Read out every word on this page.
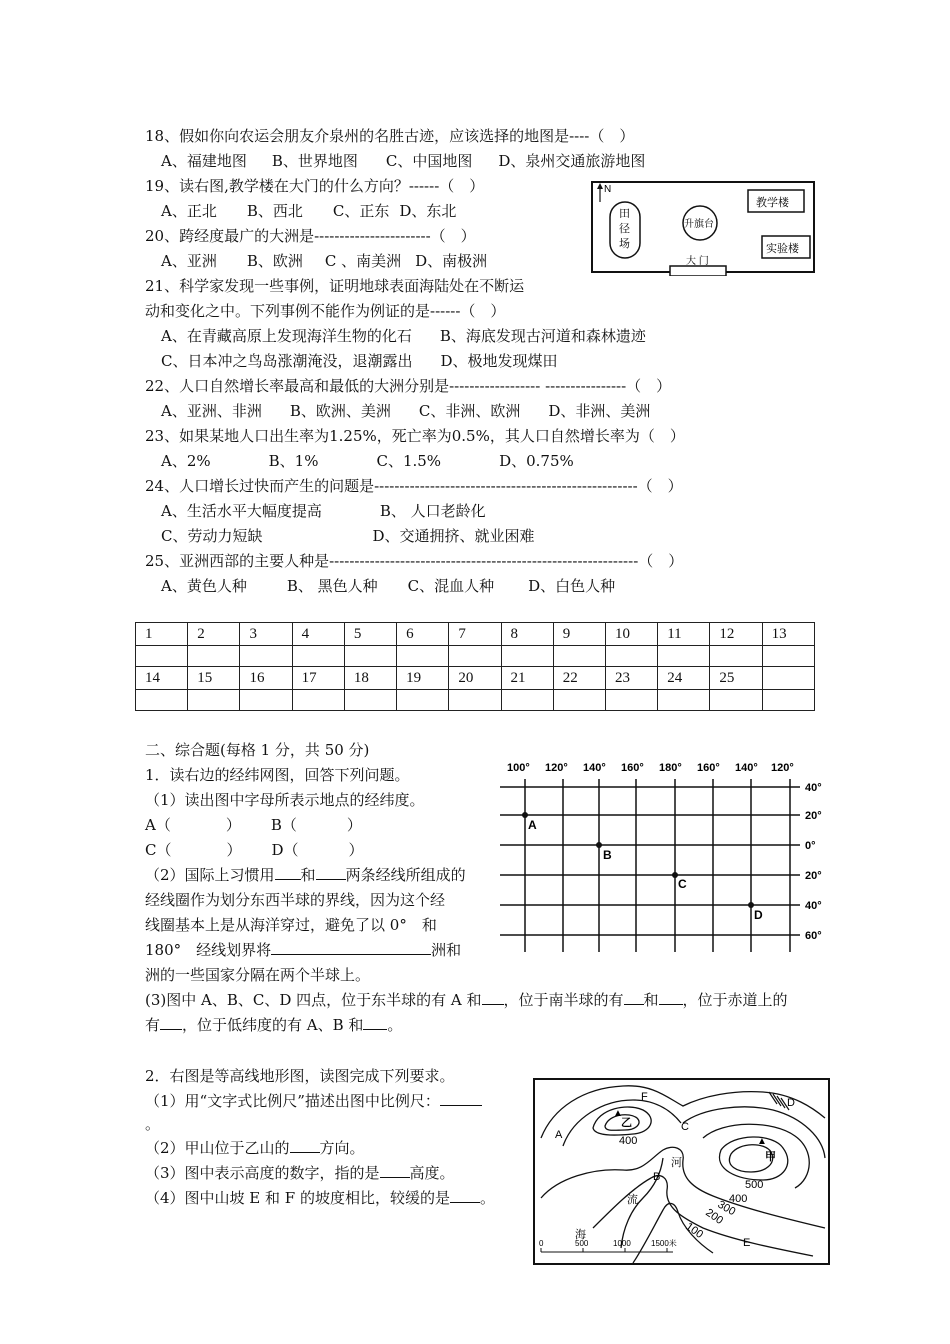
18、假如你向农运会朋友介泉州的名胜古迹，应该选择的地图是----（　）
A、福建地图 B、世界地图 C、中国地图 D、泉州交通旅游地图
19、读右图,教学楼在大门的什么方向？------（　）
A、正北 B、西北 C、正东 D、东北
20、跨经度最广的大洲是-----------------------（　）
A、亚洲 B、欧洲 C 、南美洲 D、南极洲
21、科学家发现一些事例，证明地球表面海陆处在不断运
动和变化之中。下列事例不能作为例证的是------（　）
A、在青藏高原上发现海洋生物的化石 B、海底发现古河道和森林遗迹
C、日本冲之鸟岛涨潮淹没，退潮露出 D、极地发现煤田
22、人口自然增长率最高和最低的大洲分别是------------------ ----------------（　）
A、亚洲、非洲 B、欧洲、美洲 C、非洲、欧洲 D、非洲、美洲
23、如果某地人口出生率为1.25%，死亡率为0.5%，其人口自然增长率为（　）
A、2%	B、1%	C、1.5%	D、0.75%
24、人口增长过快而产生的问题是----------------------------------------------------（　）
A、生活水平大幅度提高	B、 人口老龄化
C、劳动力短缺	D、交通拥挤、就业困难
25、亚洲西部的主要人种是-------------------------------------------------------------（　）
A、黄色人种	B、 黑色人种 C、混血人种 D、白色人种
N
田
径
场
升旗台
教学楼
实验楼
大 门
1	2	3	4	5	6	7	8	9	10	11	12	13

14	15	16	17	18	19	20	21	22	23	24	25	

二、综合题(每格 1 分，共 50 分)
1．读右边的经纬网图，回答下列问题。
（1）读出图中字母所表示地点的经纬度。
A（	） B（	）
C（	） D（	）
（2）国际上习惯用 和 两条经线所组成的
经线圈作为划分东西半球的界线，因为这个经
线圈基本上是从海洋穿过，避免了以 0°　和
180°　经线划界将	洲和
洲的一些国家分隔在两个半球上。
(3)图中 A、B、C、D 四点，位于东半球的有 A 和 ，位于南半球的有 和 ，位于赤道上的
有 ，位于低纬度的有 A、B 和 。
100° 120° 140° 160° 180° 160° 140° 120°
40°
20°
0°
20°
40°
60°
A
B
C
D
2．右图是等高线地形图，读图完成下列要求。
（1）用“文字式比例尺”描述出图中比例尺：
。
（2）甲山位于乙山的 方向。
（3）图中表示高度的数字，指的是 高度。
（4）图中山坡 E 和 F 的坡度相比，较缓的是 。
F	D
A
C
B
E
乙
甲
河
流
海
400
500
400
300
200
100
▲
▲
0	500	1000	1500米
